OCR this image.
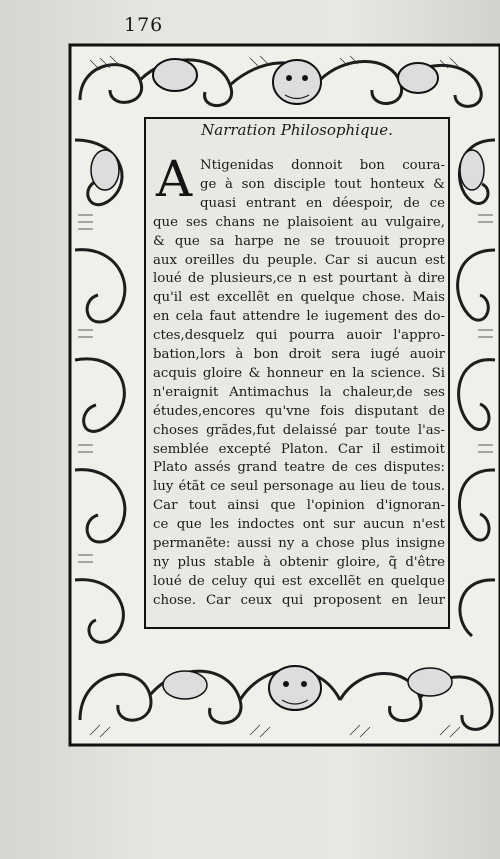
176
Narration Philosophique.
A Ntigenidas donnoit bon coura-
ge à son disciple tout honteux &
quasi entrant en déespoir, de ce
que ses chans ne plaisoient au vulgaire,
& que sa harpe ne se trouuoit propre
aux oreilles du peuple. Car si aucun est
loué de plusieurs,ce n est pourtant à dire
qu'il est excellẽt en quelque chose. Mais
en cela faut attendre le iugement des do-
ctes,desquelz qui pourra auoir l'appro-
bation,lors à bon droit sera iugé auoir
acquis gloire & honneur en la science. Si
n'eraignit Antimachus la chaleur,de ses
études,encores qu'vne fois disputant de
choses grãdes,fut delaissé par toute l'as-
semblée excepté Platon. Car il estimoit
Plato assés grand teatre de ces disputes:
luy étãt ce seul personage au lieu de tous.
Car tout ainsi que l'opinion d'ignoran-
ce que les indoctes ont sur aucun n'est
permanẽte: aussi ny a chose plus insigne
ny plus stable à obtenir gloire, q̃ d'être
loué de celuy qui est excellẽt en quelque
chose. Car ceux qui proposent en leur
